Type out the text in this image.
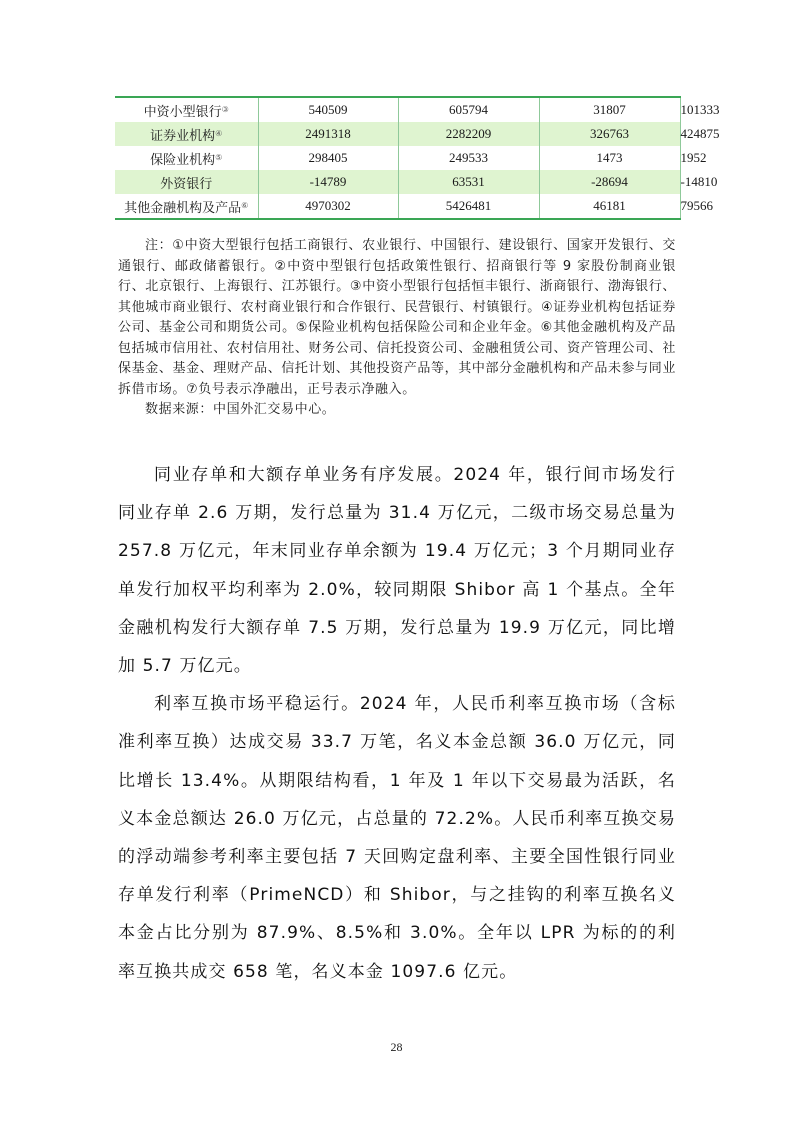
中资小型银行③	540509	605794	31807	101333
证券业机构④	2491318	2282209	326763	424875
保险业机构⑤	298405	249533	1473	1952
外资银行	-14789	63531	-28694	-14810
其他金融机构及产品⑥	4970302	5426481	46181	79566

注：①中资大型银行包括工商银行、农业银行、中国银行、建设银行、国家开发银行、交通银行、邮政储蓄银行。②中资中型银行包括政策性银行、招商银行等 9 家股份制商业银行、北京银行、上海银行、江苏银行。③中资小型银行包括恒丰银行、浙商银行、渤海银行、其他城市商业银行、农村商业银行和合作银行、民营银行、村镇银行。④证券业机构包括证券公司、基金公司和期货公司。⑤保险业机构包括保险公司和企业年金。⑥其他金融机构及产品包括城市信用社、农村信用社、财务公司、信托投资公司、金融租赁公司、资产管理公司、社保基金、基金、理财产品、信托计划、其他投资产品等，其中部分金融机构和产品未参与同业拆借市场。⑦负号表示净融出，正号表示净融入。

数据来源：中国外汇交易中心。

同业存单和大额存单业务有序发展。2024 年，银行间市场发行同业存单 2.6 万期，发行总量为 31.4 万亿元，二级市场交易总量为 257.8 万亿元，年末同业存单余额为 19.4 万亿元；3 个月期同业存单发行加权平均利率为 2.0%，较同期限 Shibor 高 1 个基点。全年金融机构发行大额存单 7.5 万期，发行总量为 19.9 万亿元，同比增加 5.7 万亿元。

利率互换市场平稳运行。2024 年，人民币利率互换市场（含标准利率互换）达成交易 33.7 万笔，名义本金总额 36.0 万亿元，同比增长 13.4%。从期限结构看，1 年及 1 年以下交易最为活跃，名义本金总额达 26.0 万亿元，占总量的 72.2%。人民币利率互换交易的浮动端参考利率主要包括 7 天回购定盘利率、主要全国性银行同业存单发行利率（PrimeNCD）和 Shibor，与之挂钩的利率互换名义本金占比分别为 87.9%、8.5%和 3.0%。全年以 LPR 为标的的利率互换共成交 658 笔，名义本金 1097.6 亿元。

28
